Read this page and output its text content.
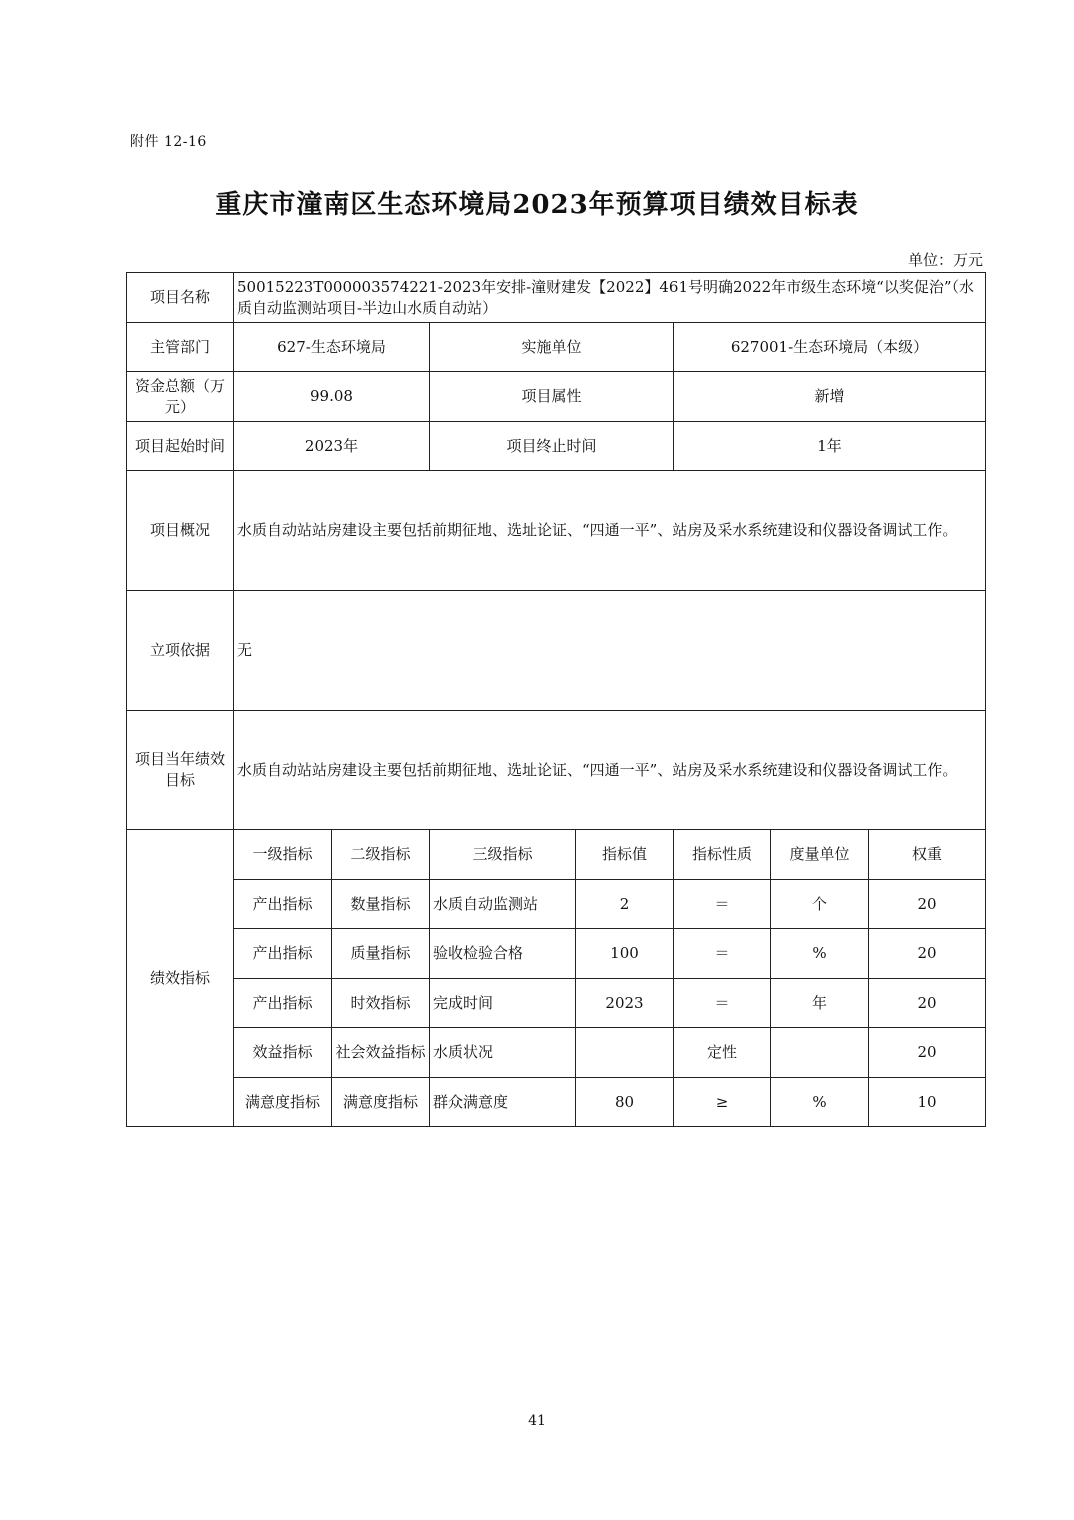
附件 12-16
重庆市潼南区生态环境局2023年预算项目绩效目标表
单位：万元
项目名称	50015223T000003574221-2023年安排-潼财建发【2022】461号明确2022年市级生态环境“以奖促治”（水质自动监测站项目-半边山水质自动站）						
主管部门	627-生态环境局		实施单位		627001-生态环境局（本级）		
资金总额（万元）	99.08		项目属性		新增		
项目起始时间	2023年		项目终止时间		1年		
项目概况	水质自动站站房建设主要包括前期征地、选址论证、“四通一平”、站房及采水系统建设和仪器设备调试工作。						
立项依据	无						
项目当年绩效目标	水质自动站站房建设主要包括前期征地、选址论证、“四通一平”、站房及采水系统建设和仪器设备调试工作。						
绩效指标	一级指标	二级指标	三级指标	指标值	指标性质	度量单位	权重
	产出指标	数量指标	水质自动监测站	2	＝	个	20
	产出指标	质量指标	验收检验合格	100	＝	%	20
	产出指标	时效指标	完成时间	2023	＝	年	20
	效益指标	社会效益指标	水质状况		定性		20
	满意度指标	满意度指标	群众满意度	80	≥	%	10
41
